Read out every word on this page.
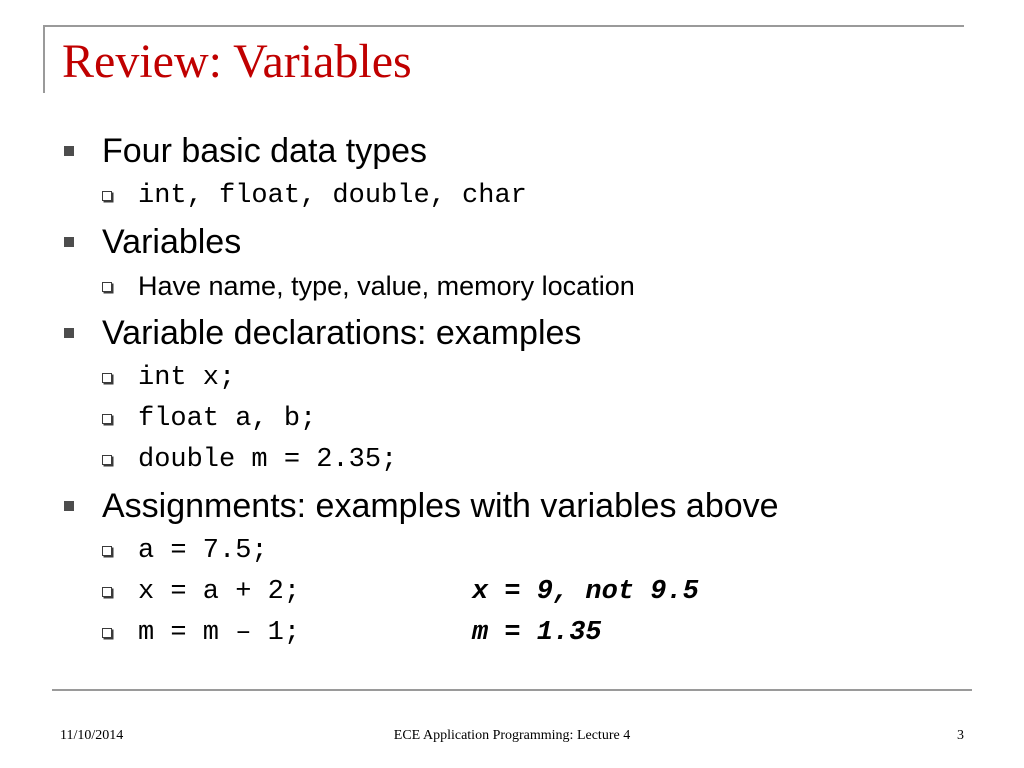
Review: Variables
Four basic data types
int, float, double, char
Variables
Have name, type, value, memory location
Variable declarations: examples
int x;
float a, b;
double m = 2.35;
Assignments: examples with variables above
a = 7.5;
x = a + 2;	x = 9, not 9.5
m = m – 1;	m = 1.35
11/10/2014	ECE Application Programming: Lecture 4	3
